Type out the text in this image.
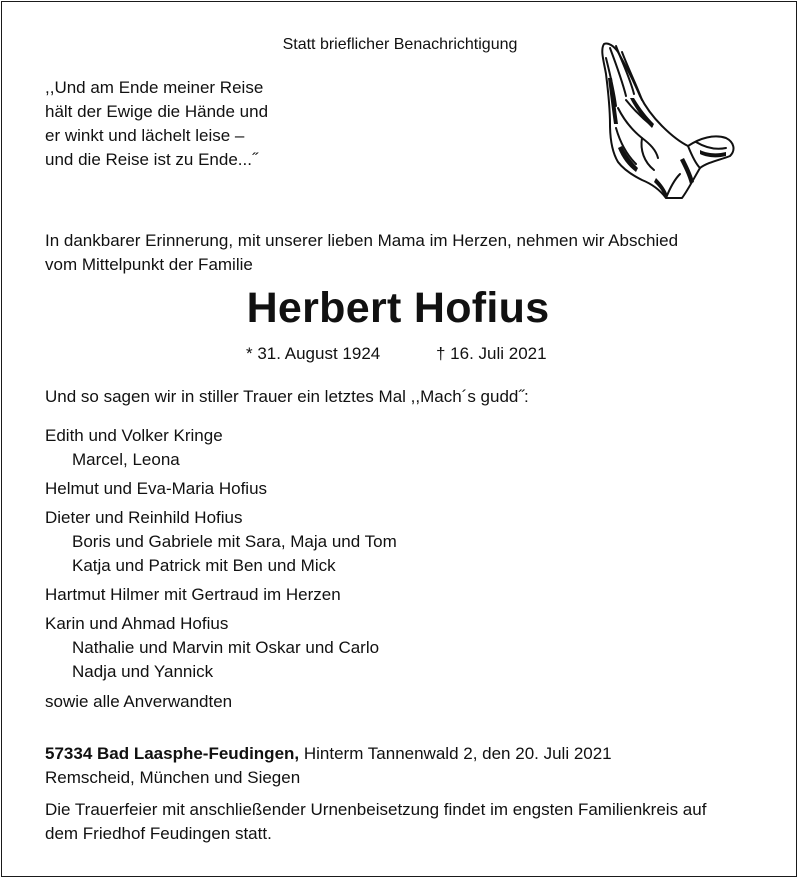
Statt brieflicher Benachrichtigung
,,Und am Ende meiner Reise
hält der Ewige die Hände und
er winkt und lächelt leise –
und die Reise ist zu Ende...˝
In dankbarer Erinnerung, mit unserer lieben Mama im Herzen, nehmen wir Abschied
vom Mittelpunkt der Familie
Herbert Hofius
* 31. August 1924	† 16. Juli 2021
Und so sagen wir in stiller Trauer ein letztes Mal ,,Mach´s gudd˝:
Edith und Volker Kringe
Marcel, Leona
Helmut und Eva-Maria Hofius
Dieter und Reinhild Hofius
Boris und Gabriele mit Sara, Maja und Tom
Katja und Patrick mit Ben und Mick
Hartmut Hilmer mit Gertraud im Herzen
Karin und Ahmad Hofius
Nathalie und Marvin mit Oskar und Carlo
Nadja und Yannick
sowie alle Anverwandten
57334 Bad Laasphe-Feudingen, Hinterm Tannenwald 2, den 20. Juli 2021
Remscheid, München und Siegen
Die Trauerfeier mit anschließender Urnenbeisetzung findet im engsten Familienkreis auf
dem Friedhof Feudingen statt.
